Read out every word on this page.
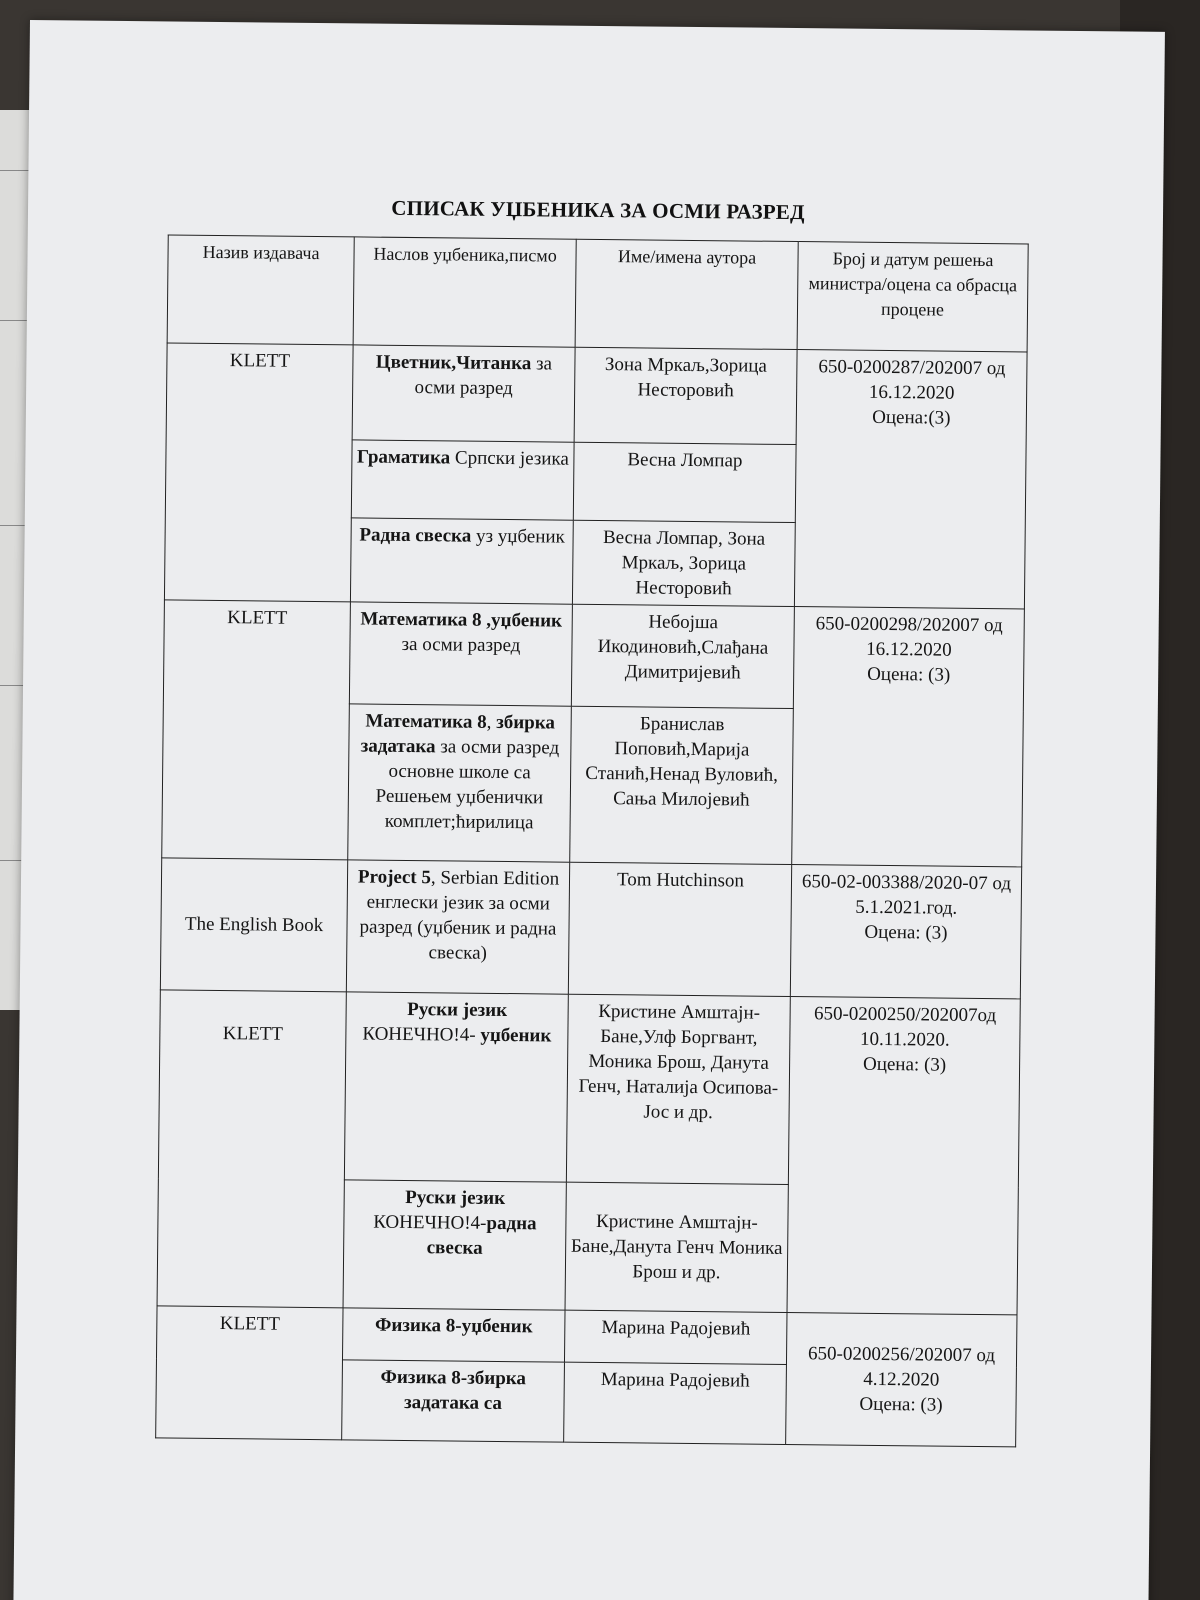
СПИСАК УЏБЕНИКА ЗА ОСМИ РАЗРЕД
Назив издавача	Наслов уџбеника,писмо	Име/имена аутора	Број и датум решења министра/оцена са обрасца процене
KLETT	Цветник,Читанка за осми разред	Зона Мркаљ,Зорица Несторовић	650-0200287/202007 од 16.12.2020
Оцена:(3)

	Граматика Српски језика	Весна Ломпар	
	Радна свеска уз уџбеник	Весна Ломпар, Зона Мркаљ, Зорица Несторовић	
KLETT	Математика 8 ,уџбеник за осми разред	Небојша Икодиновић,Слађана Димитријевић	650-0200298/202007 од 16.12.2020
Оцена: (3)

	Математика 8, збирка задатака за осми разред основне школе са Решењем уџбенички комплет;ћирилица	Бранислав Поповић,Марија Станић,Ненад Вуловић, Сања Милојевић	
The English Book	Project 5, Serbian Edition енглески језик за осми разред (уџбеник и радна свеска)	Tom Hutchinson	650-02-003388/2020-07 од 5.1.2021.год.
Оцена: (3)

KLETT	Руски језик КОНЕЧНО!4- уџбеник	Кристине Амштајн-Бане,Улф Боргвант, Моника Брош, Данута Генч, Наталија Осипова-Јос и др.	650-0200250/202007од 10.11.2020.
Оцена: (3)

	Руски језик КОНЕЧНО!4-радна свеска	Кристине Амштајн-Бане,Данута Генч Моника Брош и др.	
KLETT	Физика 8-уџбеник	Марина Радојевић	650-0200256/202007 од 4.12.2020
Оцена: (3)

	Физика 8-збирка задатака са	Марина Радојевић	
